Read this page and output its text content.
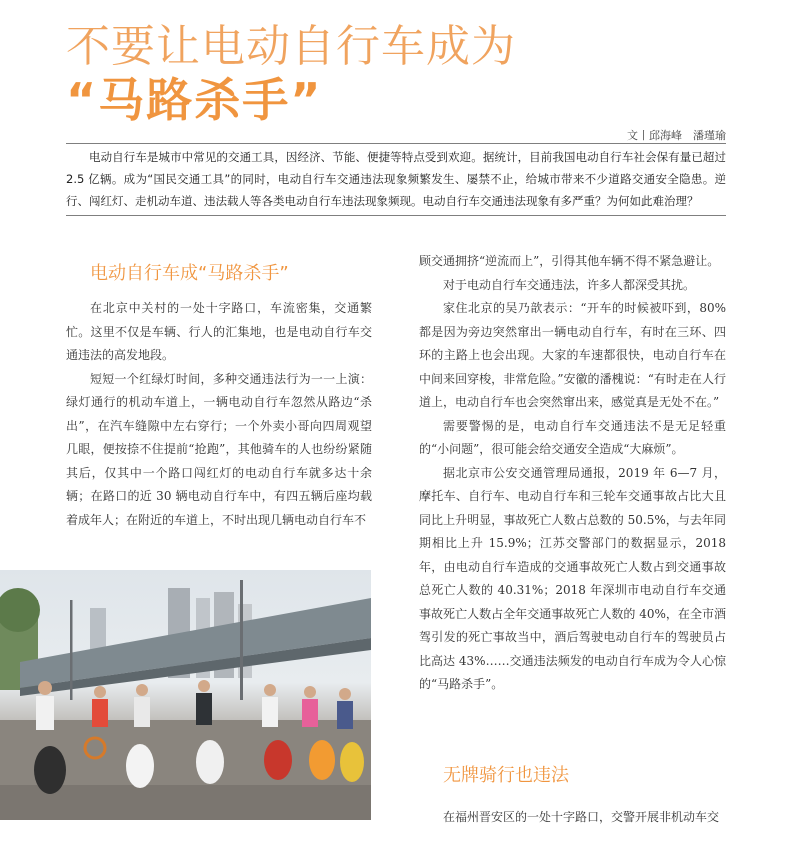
不要让电动自行车成为
“马路杀手”
文丨邱海峰　潘瑾瑜

电动自行车是城市中常见的交通工具，因经济、节能、便捷等特点受到欢迎。据统计，目前我国电动自行车社会保有量已超过 2.5 亿辆。成为“国民交通工具”的同时，电动自行车交通违法现象频繁发生、屡禁不止，给城市带来不少道路交通安全隐患。逆行、闯红灯、走机动车道、违法载人等各类电动自行车违法现象频现。电动自行车交通违法现象有多严重？为何如此难治理？

电动自行车成“马路杀手”

在北京中关村的一处十字路口，车流密集，交通繁忙。这里不仅是车辆、行人的汇集地，也是电动自行车交通违法的高发地段。

短短一个红绿灯时间，多种交通违法行为一一上演：绿灯通行的机动车道上，一辆电动自行车忽然从路边“杀出”，在汽车缝隙中左右穿行；一个外卖小哥向四周观望几眼，便按捺不住提前“抢跑”，其他骑车的人也纷纷紧随其后，仅其中一个路口闯红灯的电动自行车就多达十余辆；在路口的近 30 辆电动自行车中，有四五辆后座均载着成年人；在附近的车道上，不时出现几辆电动自行车不

顾交通拥挤“逆流而上”，引得其他车辆不得不紧急避让。

对于电动自行车交通违法，许多人都深受其扰。

家住北京的吴乃歆表示：“开车的时候被吓到，80%都是因为旁边突然窜出一辆电动自行车，有时在三环、四环的主路上也会出现。大家的车速都很快，电动自行车在中间来回穿梭，非常危险。”安徽的潘槐说：“有时走在人行道上，电动自行车也会突然窜出来，感觉真是无处不在。”

需要警惕的是，电动自行车交通违法不是无足轻重的“小问题”，很可能会给交通安全造成“大麻烦”。

据北京市公安交通管理局通报，2019 年 6—7 月，摩托车、自行车、电动自行车和三轮车交通事故占比大且同比上升明显，事故死亡人数占总数的 50.5%，与去年同期相比上升 15.9%；江苏交警部门的数据显示，2018 年，由电动自行车造成的交通事故死亡人数占到交通事故总死亡人数的 40.31%；2018 年深圳市电动自行车交通事故死亡人数占全年交通事故死亡人数的 40%，在全市酒驾引发的死亡事故当中，酒后驾驶电动自行车的驾驶员占比高达 43%……交通违法频发的电动自行车成为令人心惊的“马路杀手”。

无牌骑行也违法

在福州晋安区的一处十字路口，交警开展非机动车交
